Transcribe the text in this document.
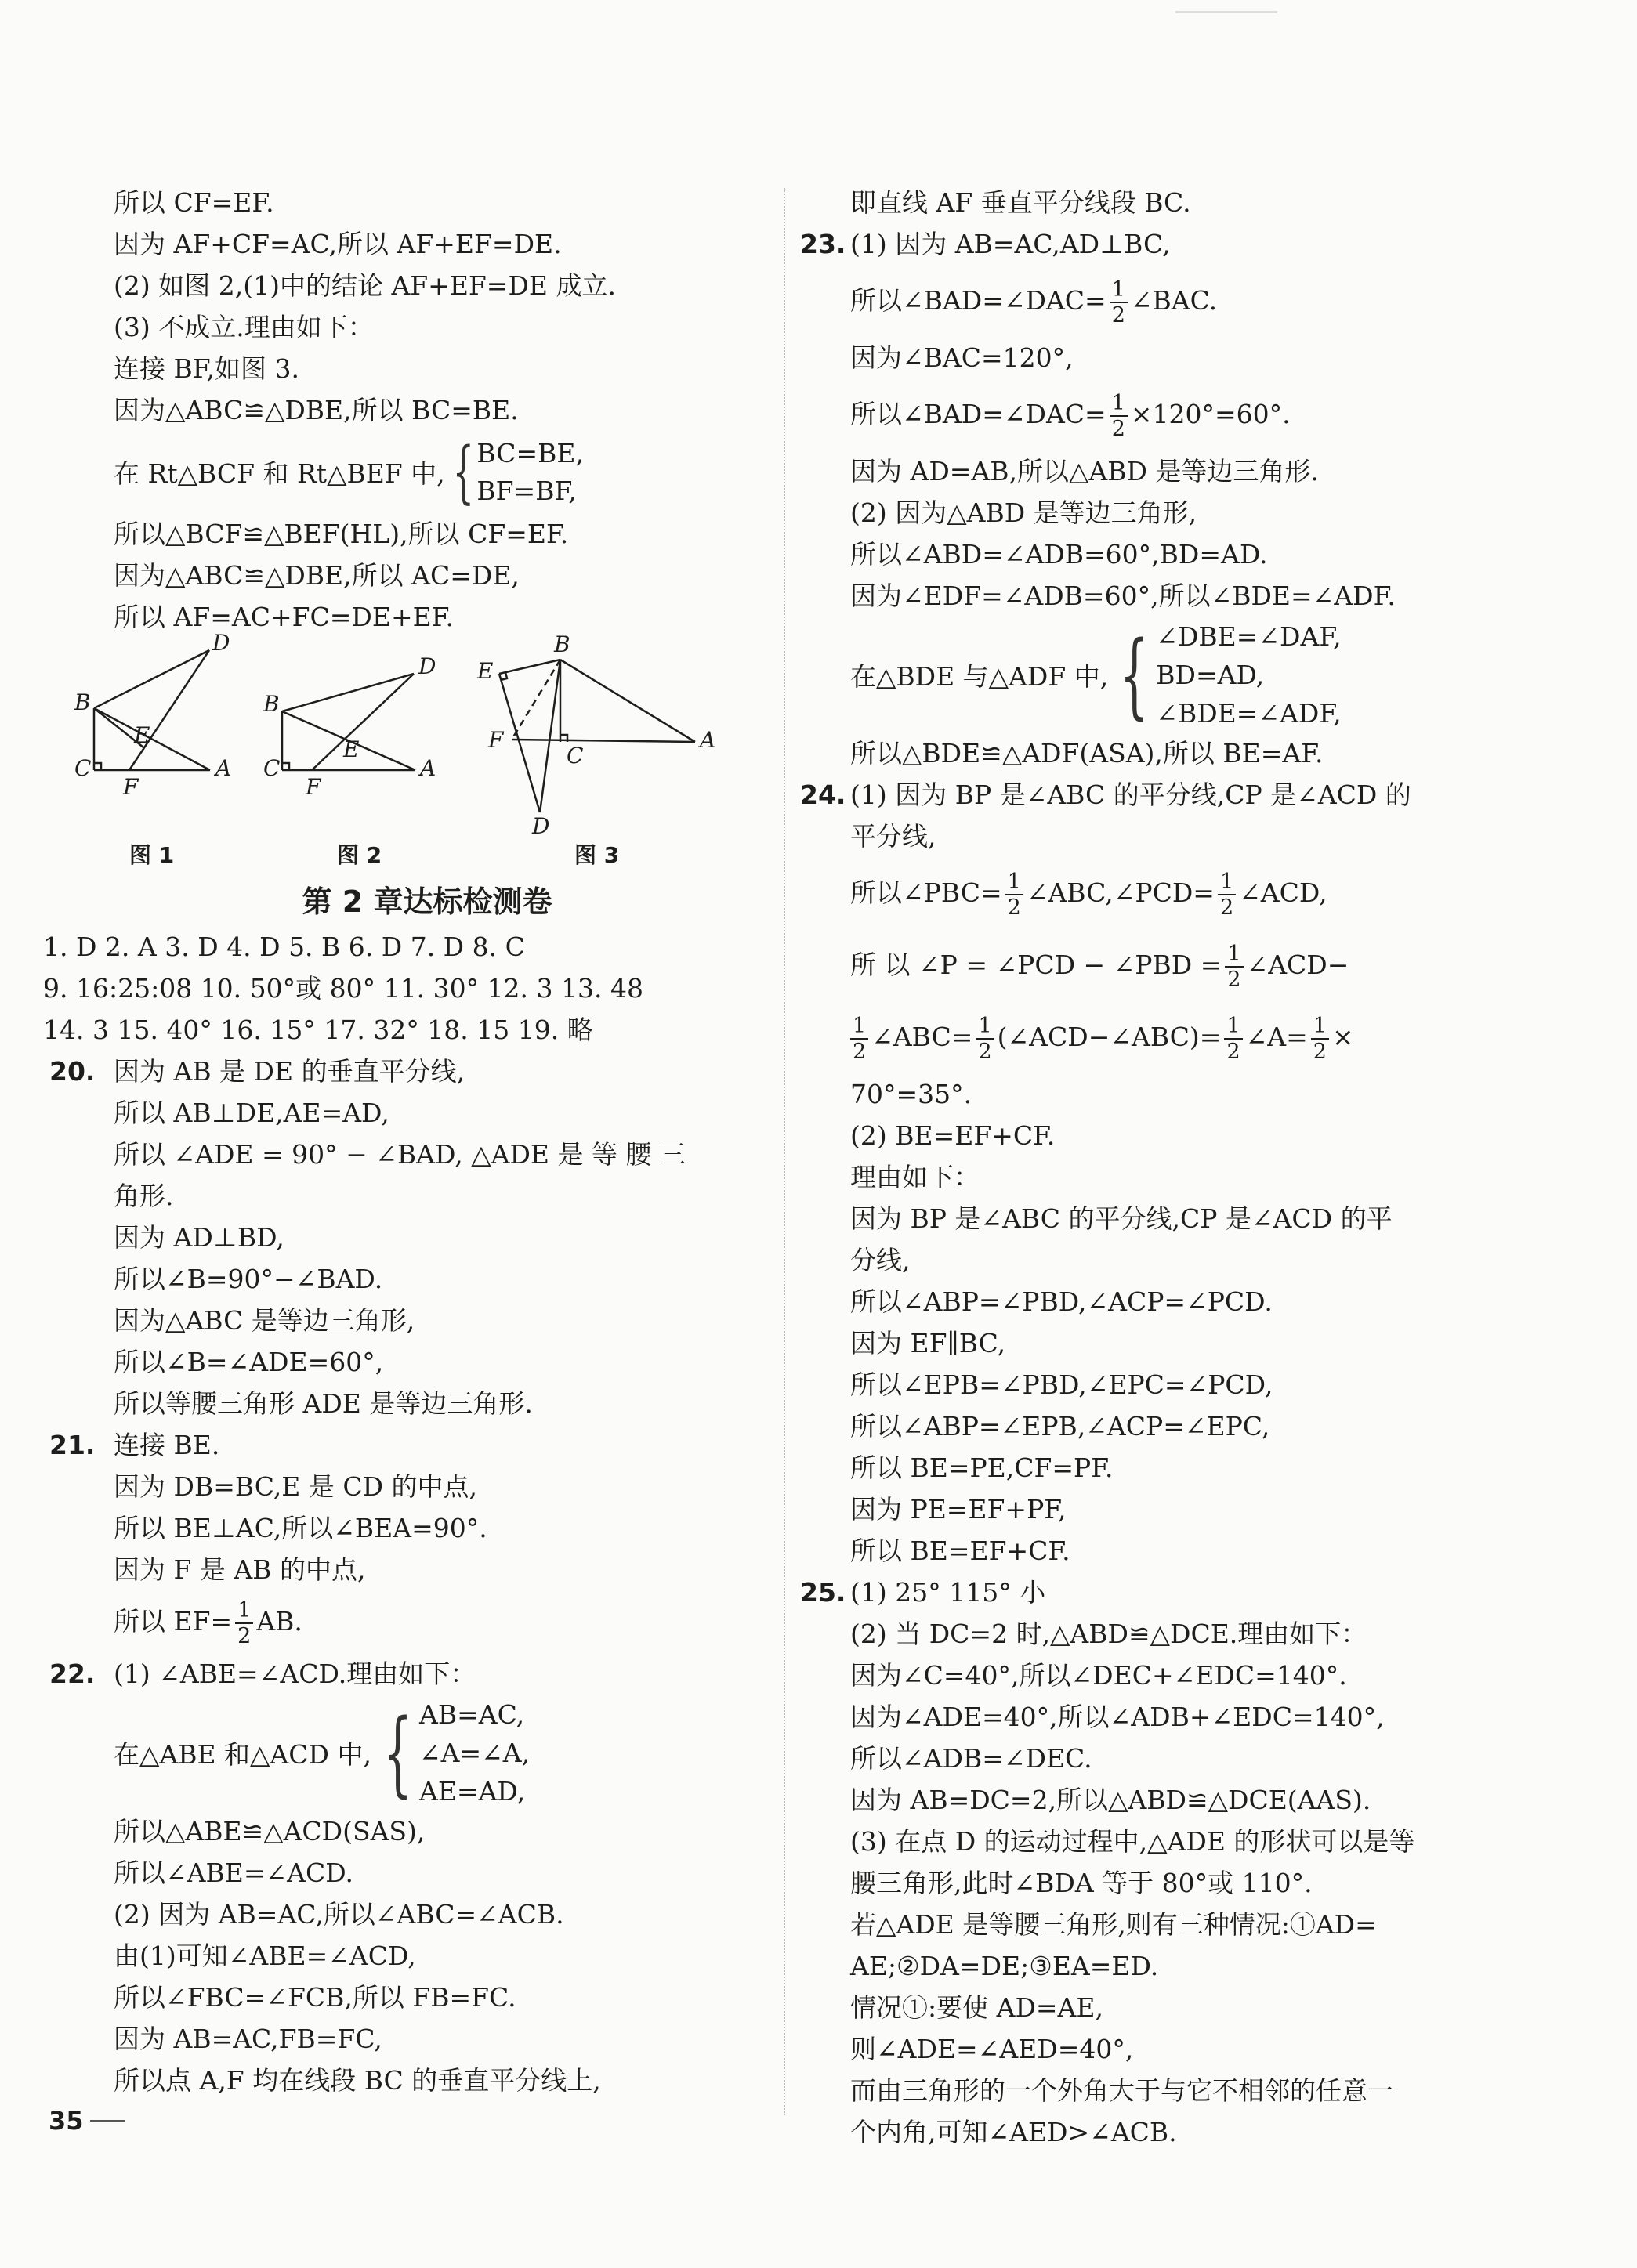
所以 CF=EF.
因为 AF+CF=AC,所以 AF+EF=DE.
(2) 如图 2,(1)中的结论 AF+EF=DE 成立.
(3) 不成立.理由如下：
连接 BF,如图 3.
因为△ABC≌△DBE,所以 BC=BE.
在 Rt△BCF 和 Rt△BEF 中, { BC=BE,
BF=BF,
所以△BCF≌△BEF(HL),所以 CF=EF.
因为△ABC≌△DBE,所以 AC=DE,
所以 AF=AC+FC=DE+EF.
D
B
E
C
F
A
B
D
E
C
F
A
E
B
F
C
A
D
图 1	图 2	图 3
第 2 章达标检测卷
1. D 2. A 3. D 4. D 5. B 6. D 7. D 8. C
9. 16:25:08 10. 50°或 80° 11. 30° 12. 3 13. 48
14. 3 15. 40° 16. 15° 17. 32° 18. 15 19. 略
20. 因为 AB 是 DE 的垂直平分线,
所以 AB⊥DE,AE=AD,
所以 ∠ADE = 90° − ∠BAD, △ADE 是 等 腰 三
角形.
因为 AD⊥BD,
所以∠B=90°−∠BAD.
因为△ABC 是等边三角形,
所以∠B=∠ADE=60°,
所以等腰三角形 ADE 是等边三角形.
21. 连接 BE.
因为 DB=BC,E 是 CD 的中点,
所以 BE⊥AC,所以∠BEA=90°.
因为 F 是 AB 的中点,
所以 $EF= \frac{1}{2}$ AB.
22. (1) ∠ABE=∠ACD.理由如下：
在△ABE 和△ACD 中, { AB=AC,
∠A=∠A,
AE=AD,
所以△ABE≌△ACD(SAS),
所以∠ABE=∠ACD.
(2) 因为 AB=AC,所以∠ABC=∠ACB.
由(1)可知∠ABE=∠ACD,
所以∠FBC=∠FCB,所以 FB=FC.
因为 AB=AC,FB=FC,
所以点 A,F 均在线段 BC 的垂直平分线上,
即直线 AF 垂直平分线段 BC.
23. (1) 因为 AB=AC,AD⊥BC,
所以∠BAD=∠DAC= $\frac{1}{2}$ ∠BAC.
因为∠BAC=120°,
所以∠BAD=∠DAC= $\frac{1}{2} \times 120^\circ=60^\circ$.
因为 AD=AB,所以△ABD 是等边三角形.
(2) 因为△ABD 是等边三角形,
所以∠ABD=∠ADB=60°,BD=AD.
因为∠EDF=∠ADB=60°,所以∠BDE=∠ADF.
在△BDE 与△ADF 中, { ∠DBE=∠DAF,
BD=AD,
∠BDE=∠ADF,
所以△BDE≌△ADF(ASA),所以 BE=AF.
24. (1) 因为 BP 是∠ABC 的平分线,CP 是∠ACD 的
平分线,
所以∠PBC= $\frac{1}{2}$ ∠ABC,∠PCD= $\frac{1}{2}$ ∠ACD,
所 以 ∠P = ∠PCD − ∠PBD = $\frac{1}{2}$ ∠ACD−
$\frac{1}{2}$ ∠ABC= $\frac{1}{2}$ (∠ACD−∠ABC)= $\frac{1}{2}$ ∠A= $\frac{1}{2}$ ×
70°=35°.
(2) BE=EF+CF.
理由如下：
因为 BP 是∠ABC 的平分线,CP 是∠ACD 的平
分线,
所以∠ABP=∠PBD,∠ACP=∠PCD.
因为 EF∥BC,
所以∠EPB=∠PBD,∠EPC=∠PCD,
所以∠ABP=∠EPB,∠ACP=∠EPC,
所以 BE=PE,CF=PF.
因为 PE=EF+PF,
所以 BE=EF+CF.
25. (1) 25° 115° 小
(2) 当 DC=2 时,△ABD≌△DCE.理由如下：
因为∠C=40°,所以∠DEC+∠EDC=140°.
因为∠ADE=40°,所以∠ADB+∠EDC=140°,
所以∠ADB=∠DEC.
因为 AB=DC=2,所以△ABD≌△DCE(AAS).
(3) 在点 D 的运动过程中,△ADE 的形状可以是等
腰三角形,此时∠BDA 等于 80°或 110°.
若△ADE 是等腰三角形,则有三种情况:①AD=
AE;②DA=DE;③EA=ED.
情况①:要使 AD=AE,
则∠ADE=∠AED=40°,
而由三角形的一个外角大于与它不相邻的任意一
个内角,可知∠AED>∠ACB.
35
